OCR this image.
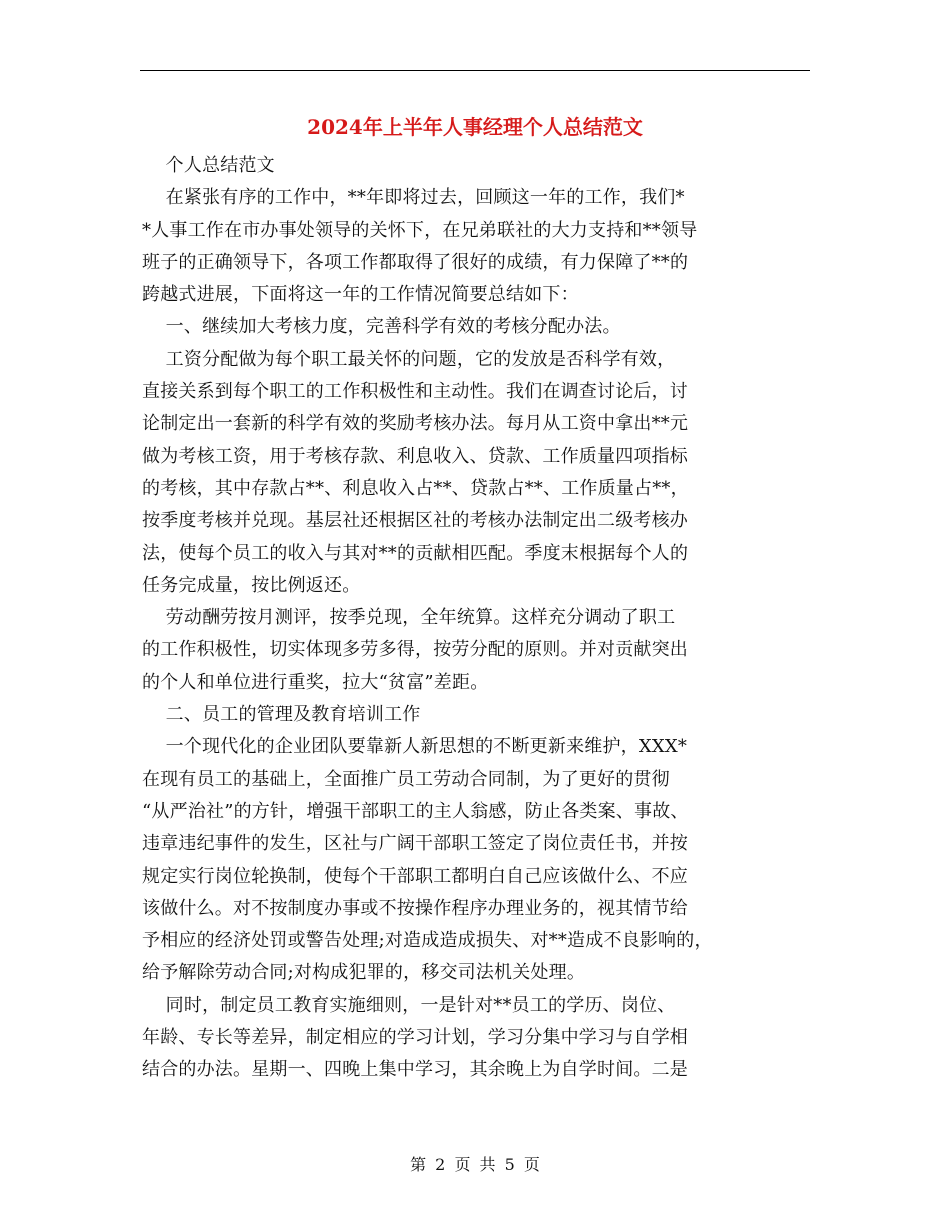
2024年上半年人事经理个人总结范文
个人总结范文
在紧张有序的工作中，**年即将过去，回顾这一年的工作，我们*
*人事工作在市办事处领导的关怀下，在兄弟联社的大力支持和**领导
班子的正确领导下，各项工作都取得了很好的成绩，有力保障了**的
跨越式进展，下面将这一年的工作情况简要总结如下：
一、继续加大考核力度，完善科学有效的考核分配办法。
工资分配做为每个职工最关怀的问题，它的发放是否科学有效，
直接关系到每个职工的工作积极性和主动性。我们在调查讨论后，讨
论制定出一套新的科学有效的奖励考核办法。每月从工资中拿出**元
做为考核工资，用于考核存款、利息收入、贷款、工作质量四项指标
的考核，其中存款占**、利息收入占**、贷款占**、工作质量占**，
按季度考核并兑现。基层社还根据区社的考核办法制定出二级考核办
法，使每个员工的收入与其对**的贡献相匹配。季度末根据每个人的
任务完成量，按比例返还。
劳动酬劳按月测评，按季兑现，全年统算。这样充分调动了职工
的工作积极性，切实体现多劳多得，按劳分配的原则。并对贡献突出
的个人和单位进行重奖，拉大“贫富”差距。
二、员工的管理及教育培训工作
一个现代化的企业团队要靠新人新思想的不断更新来维护，XXX*
在现有员工的基础上，全面推广员工劳动合同制，为了更好的贯彻
“从严治社”的方针，增强干部职工的主人翁感，防止各类案、事故、
违章违纪事件的发生，区社与广阔干部职工签定了岗位责任书，并按
规定实行岗位轮换制，使每个干部职工都明白自己应该做什么、不应
该做什么。对不按制度办事或不按操作程序办理业务的，视其情节给
予相应的经济处罚或警告处理;对造成造成损失、对**造成不良影响的，
给予解除劳动合同;对构成犯罪的，移交司法机关处理。
同时，制定员工教育实施细则，一是针对**员工的学历、岗位、
年龄、专长等差异，制定相应的学习计划，学习分集中学习与自学相
结合的办法。星期一、四晚上集中学习，其余晚上为自学时间。二是
第 2 页 共 5 页
